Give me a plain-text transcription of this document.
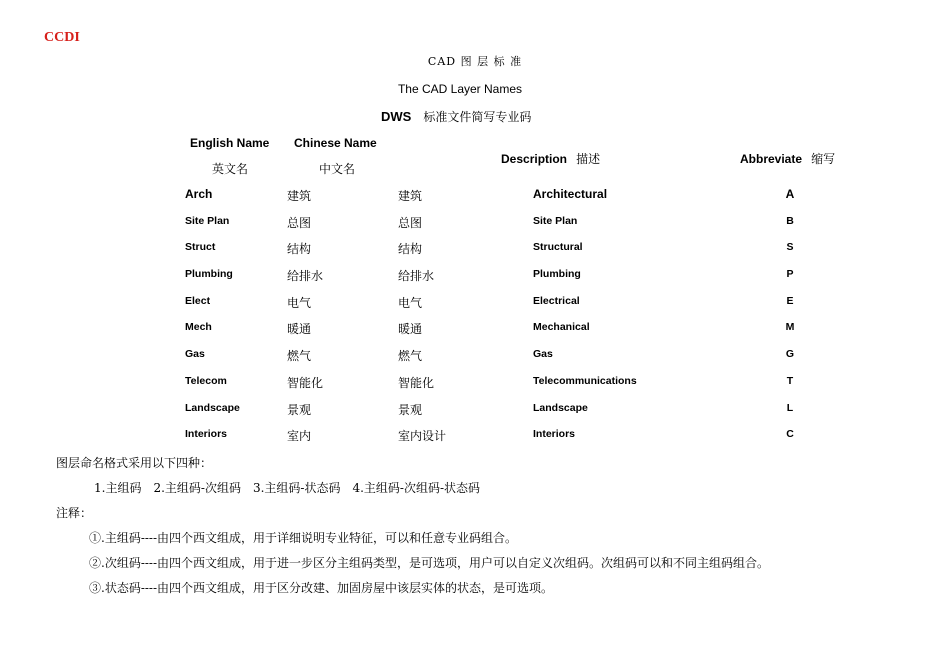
CCDI
CAD 图 层 标 准
The CAD Layer Names
DWS 标准文件简写专业码
English Name
英文名
Chinese Name
中文名
Description 描述	Abbreviate 缩写
Arch	建筑	建筑	Architectural	A
Site Plan	总图	总图	Site Plan	B
Struct	结构	结构	Structural	S
Plumbing	给排水	给排水	Plumbing	P
Elect	电气	电气	Electrical	E
Mech	暖通	暖通	Mechanical	M
Gas	燃气	燃气	Gas	G
Telecom	智能化	智能化	Telecommunications	T
Landscape	景观	景观	Landscape	L
Interiors	室内	室内设计	Interiors	C
图层命名格式采用以下四种：
1.主组码　2.主组码-次组码　3.主组码-状态码　4.主组码-次组码-状态码
注释：
①.主组码----由四个西文组成，用于详细说明专业特征，可以和任意专业码组合。
②.次组码----由四个西文组成，用于进一步区分主组码类型，是可选项，用户可以自定义次组码。次组码可以和不同主组码组合。
③.状态码----由四个西文组成，用于区分改建、加固房屋中该层实体的状态，是可选项。
